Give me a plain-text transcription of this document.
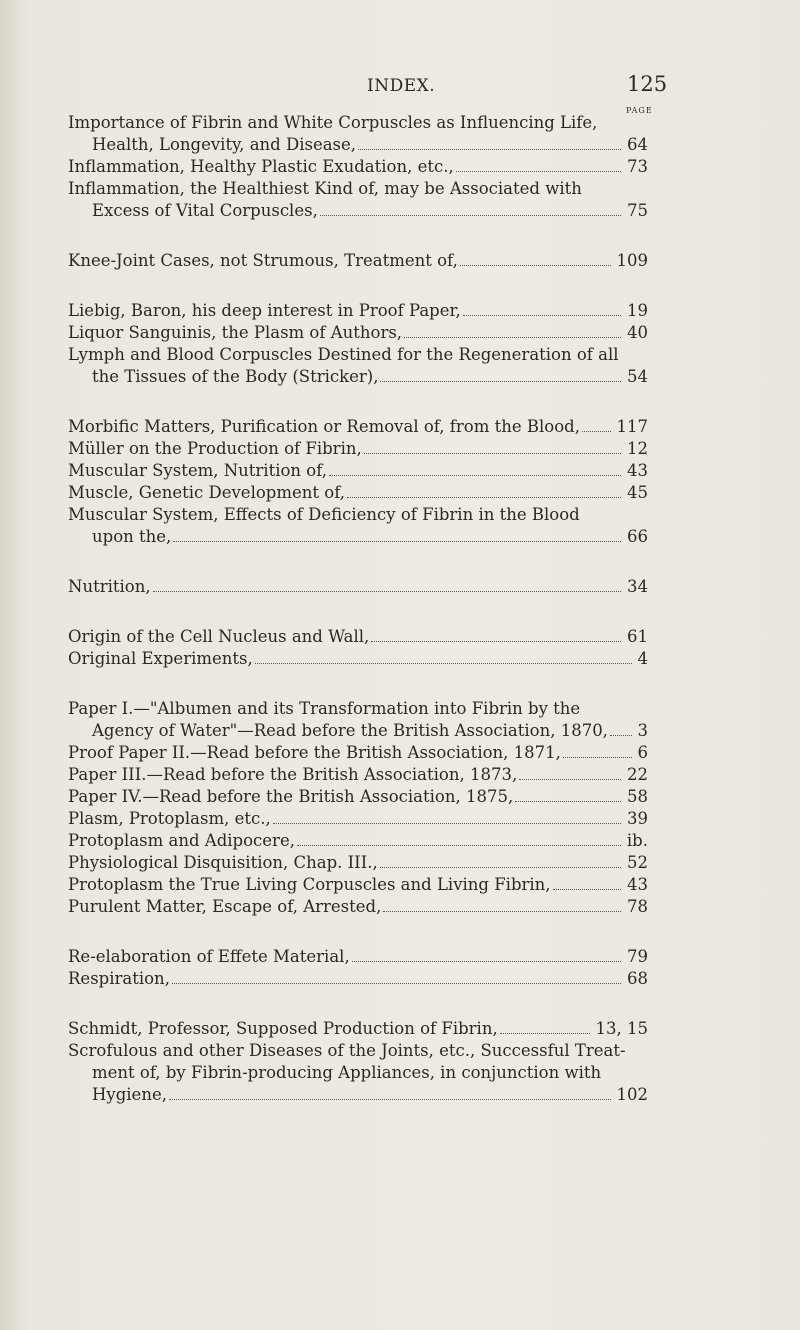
INDEX.	125
PAGE
Importance of Fibrin and White Corpuscles as Influencing Life,
Health, Longevity, and Disease,	64
Inflammation, Healthy Plastic Exudation, etc.,	73
Inflammation, the Healthiest Kind of, may be Associated with
Excess of Vital Corpuscles,	75
Knee-Joint Cases, not Strumous, Treatment of,	109
Liebig, Baron, his deep interest in Proof Paper,	19
Liquor Sanguinis, the Plasm of Authors,	40
Lymph and Blood Corpuscles Destined for the Regeneration of all
the Tissues of the Body (Stricker),	54
Morbific Matters, Purification or Removal of, from the Blood, 117
Müller on the Production of Fibrin,	12
Muscular System, Nutrition of,	43
Muscle, Genetic Development of,	45
Muscular System, Effects of Deficiency of Fibrin in the Blood
upon the,	66
Nutrition,	34
Origin of the Cell Nucleus and Wall,	61
Original Experiments,	4
Paper I.—"Albumen and its Transformation into Fibrin by the
Agency of Water"—Read before the British Association, 1870, 3
Proof Paper II.—Read before the British Association, 1871,	6
Paper III.—Read before the British Association, 1873,	22
Paper IV.—Read before the British Association, 1875,	58
Plasm, Protoplasm, etc.,	39
Protoplasm and Adipocere,	ib.
Physiological Disquisition, Chap. III.,	52
Protoplasm the True Living Corpuscles and Living Fibrin,	43
Purulent Matter, Escape of, Arrested,	78
Re-elaboration of Effete Material,	79
Respiration,	68
Schmidt, Professor, Supposed Production of Fibrin,	13, 15
Scrofulous and other Diseases of the Joints, etc., Successful Treat-
ment of, by Fibrin-producing Appliances, in conjunction with
Hygiene,	102
